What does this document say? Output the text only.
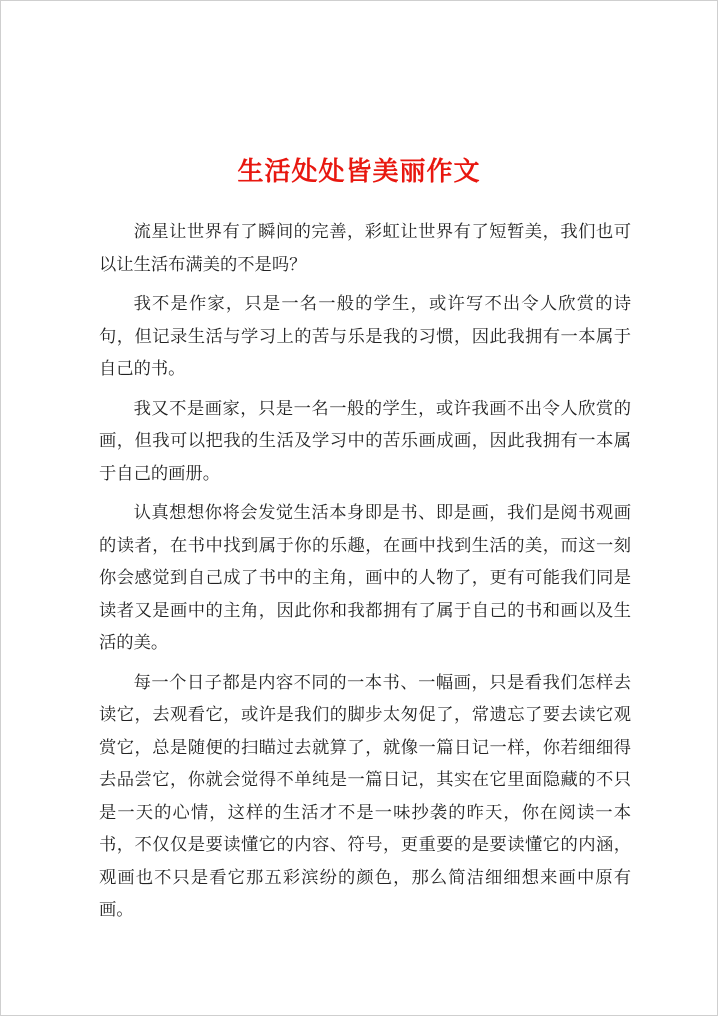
生活处处皆美丽作文

流星让世界有了瞬间的完善，彩虹让世界有了短暂美，我们也可以让生活布满美的不是吗？

我不是作家，只是一名一般的学生，或许写不出令人欣赏的诗句，但记录生活与学习上的苦与乐是我的习惯，因此我拥有一本属于自己的书。

我又不是画家，只是一名一般的学生，或许我画不出令人欣赏的画，但我可以把我的生活及学习中的苦乐画成画，因此我拥有一本属于自己的画册。

认真想想你将会发觉生活本身即是书、即是画，我们是阅书观画的读者，在书中找到属于你的乐趣，在画中找到生活的美，而这一刻你会感觉到自己成了书中的主角，画中的人物了，更有可能我们同是读者又是画中的主角，因此你和我都拥有了属于自己的书和画以及生活的美。

每一个日子都是内容不同的一本书、一幅画，只是看我们怎样去读它，去观看它，或许是我们的脚步太匆促了，常遗忘了要去读它观赏它，总是随便的扫瞄过去就算了，就像一篇日记一样，你若细细得去品尝它，你就会觉得不单纯是一篇日记，其实在它里面隐藏的不只是一天的心情，这样的生活才不是一味抄袭的昨天，你在阅读一本书，不仅仅是要读懂它的内容、符号，更重要的是要读懂它的内涵，观画也不只是看它那五彩滨纷的颜色，那么简洁细细想来画中原有画。
